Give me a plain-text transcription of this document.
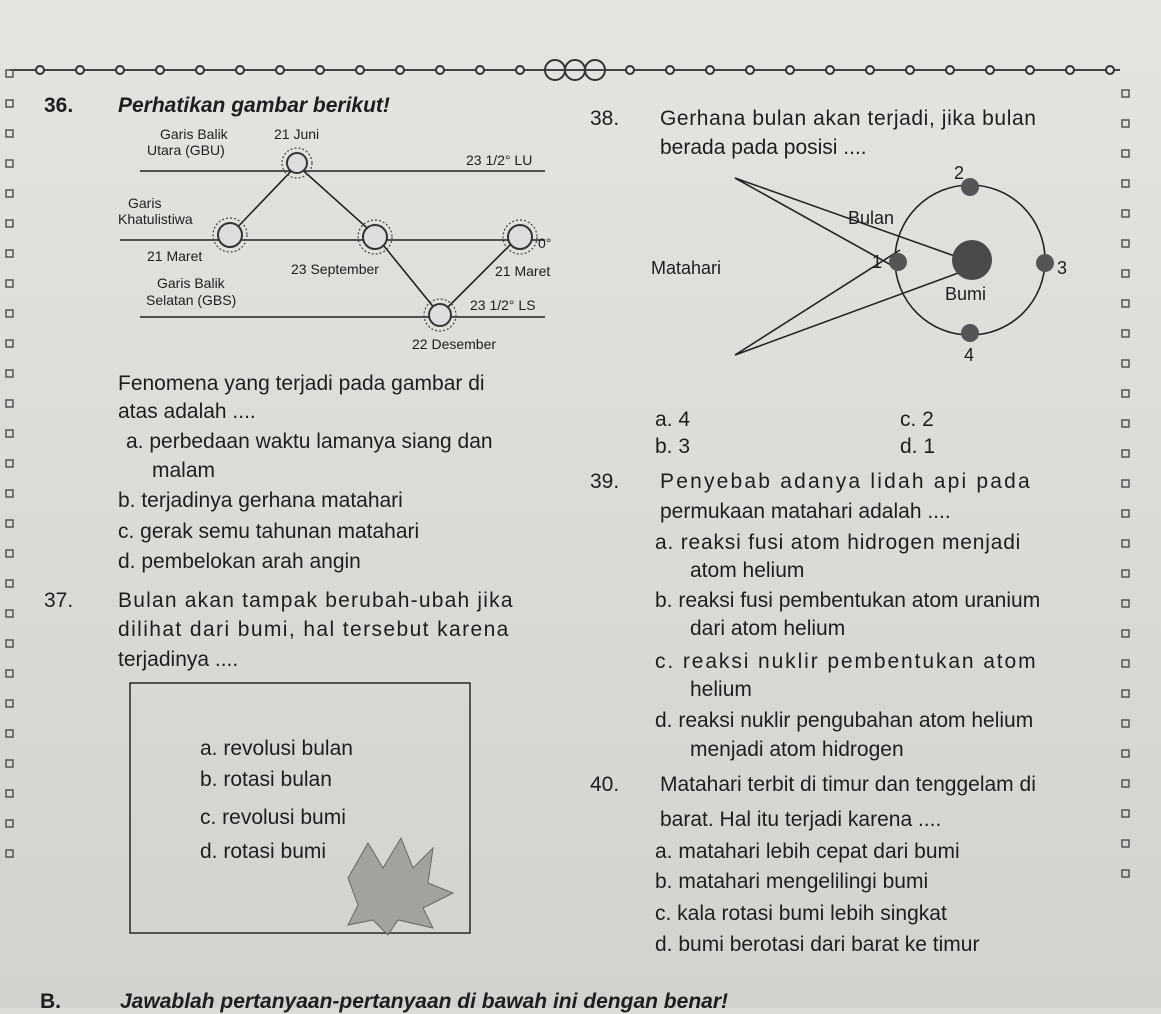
36. Perhatikan gambar berikut!
Garis Balik
Utara (GBU)
21 Juni
23 1/2° LU
Garis
Khatulistiwa
0°
21 Maret
23 September	21 Maret
Garis Balik
Selatan (GBS)	23 1/2° LS
22 Desember
Fenomena yang terjadi pada gambar di
atas adalah ....
a. perbedaan waktu lamanya siang dan
malam
b. terjadinya gerhana matahari
c. gerak semu tahunan matahari
d. pembelokan arah angin
37. Bulan akan tampak berubah-ubah jika
dilihat dari bumi, hal tersebut karena
terjadinya ....
a. revolusi bulan
b. rotasi bulan
c. revolusi bumi
d. rotasi bumi
38. Gerhana bulan akan terjadi, jika bulan
berada pada posisi ....
2
Bulan
Matahari	1	3
Bumi
4
a. 4
b. 3
c. 2
d. 1
39. Penyebab adanya lidah api pada
permukaan matahari adalah ....
a. reaksi fusi atom hidrogen menjadi
atom helium
b. reaksi fusi pembentukan atom uranium
dari atom helium
c. reaksi nuklir pembentukan atom
helium
d. reaksi nuklir pengubahan atom helium
menjadi atom hidrogen
40. Matahari terbit di timur dan tenggelam di
barat. Hal itu terjadi karena ....
a. matahari lebih cepat dari bumi
b. matahari mengelilingi bumi
c. kala rotasi bumi lebih singkat
d. bumi berotasi dari barat ke timur
B.	Jawablah pertanyaan-pertanyaan di bawah ini dengan benar!
